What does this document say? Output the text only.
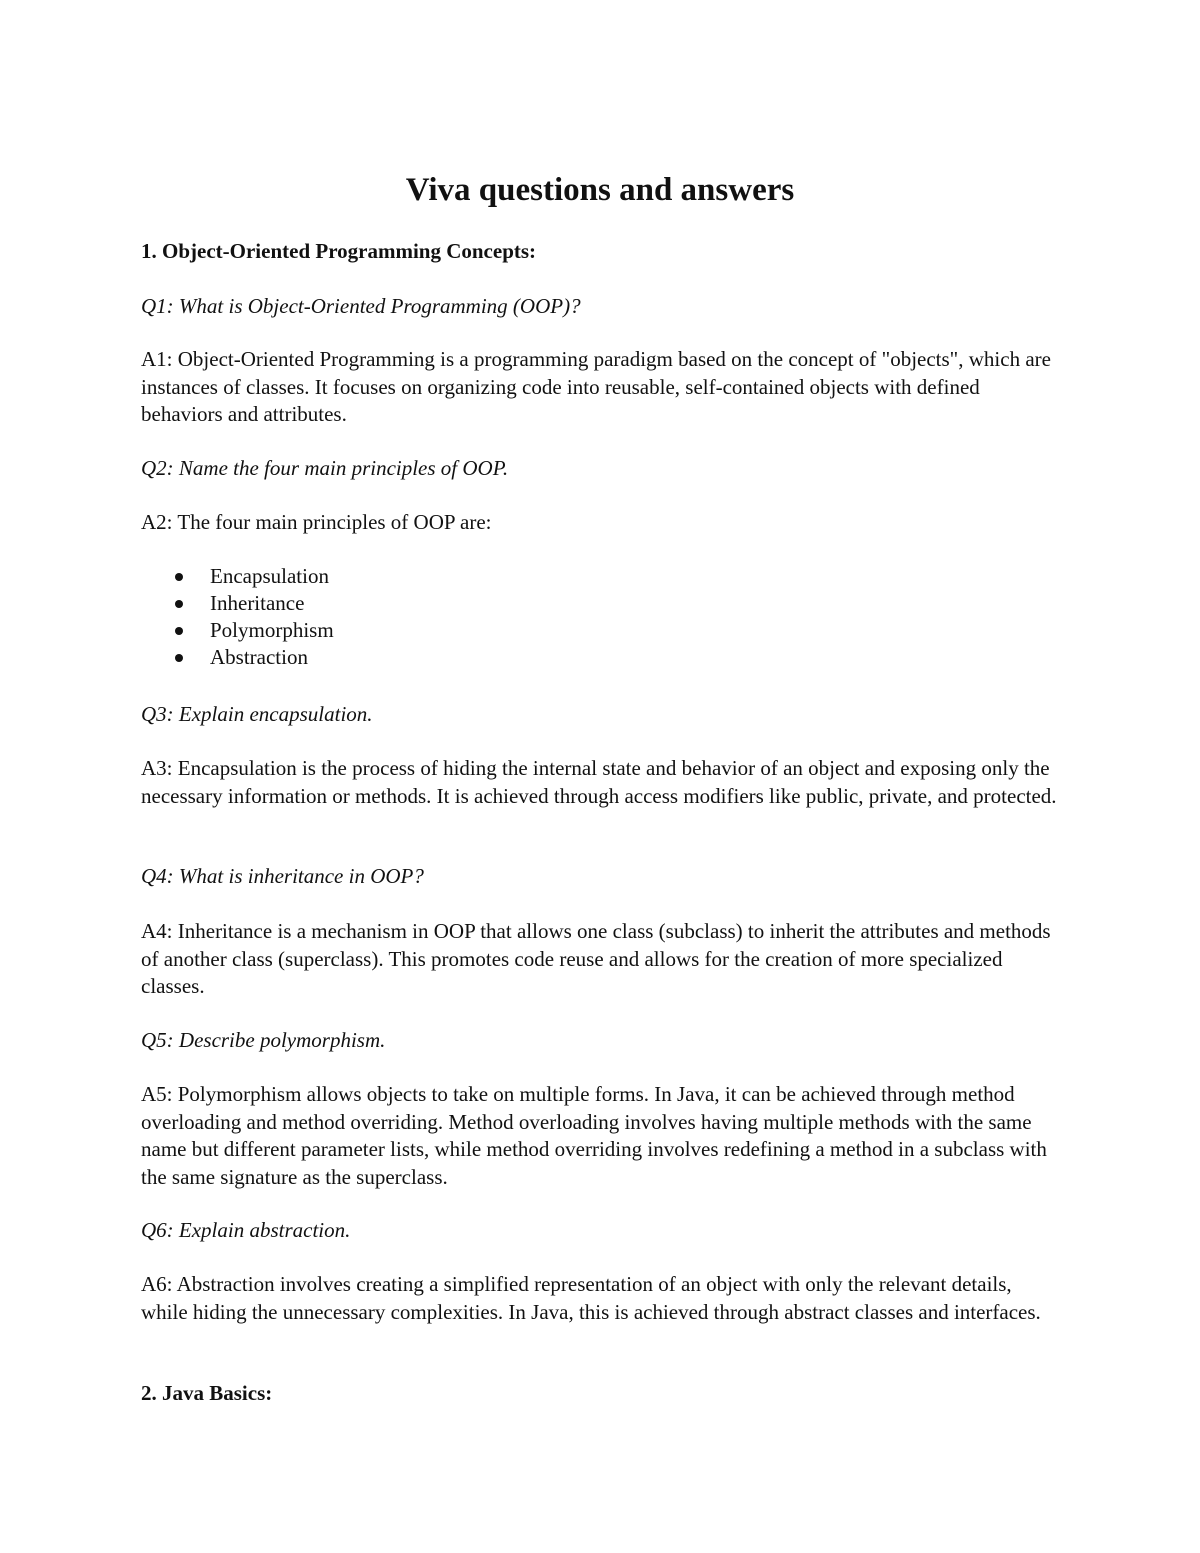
Viva questions and answers

1. Object-Oriented Programming Concepts:

Q1: What is Object-Oriented Programming (OOP)?

A1: Object-Oriented Programming is a programming paradigm based on the concept of "objects", which are instances of classes. It focuses on organizing code into reusable, self-contained objects with defined behaviors and attributes.

Q2: Name the four main principles of OOP.

A2: The four main principles of OOP are:

Encapsulation
Inheritance
Polymorphism
Abstraction

Q3: Explain encapsulation.

A3: Encapsulation is the process of hiding the internal state and behavior of an object and exposing only the necessary information or methods. It is achieved through access modifiers like public, private, and protected.

Q4: What is inheritance in OOP?

A4: Inheritance is a mechanism in OOP that allows one class (subclass) to inherit the attributes and methods of another class (superclass). This promotes code reuse and allows for the creation of more specialized classes.

Q5: Describe polymorphism.

A5: Polymorphism allows objects to take on multiple forms. In Java, it can be achieved through method overloading and method overriding. Method overloading involves having multiple methods with the same name but different parameter lists, while method overriding involves redefining a method in a subclass with the same signature as the superclass.

Q6: Explain abstraction.

A6: Abstraction involves creating a simplified representation of an object with only the relevant details, while hiding the unnecessary complexities. In Java, this is achieved through abstract classes and interfaces.

2. Java Basics:
